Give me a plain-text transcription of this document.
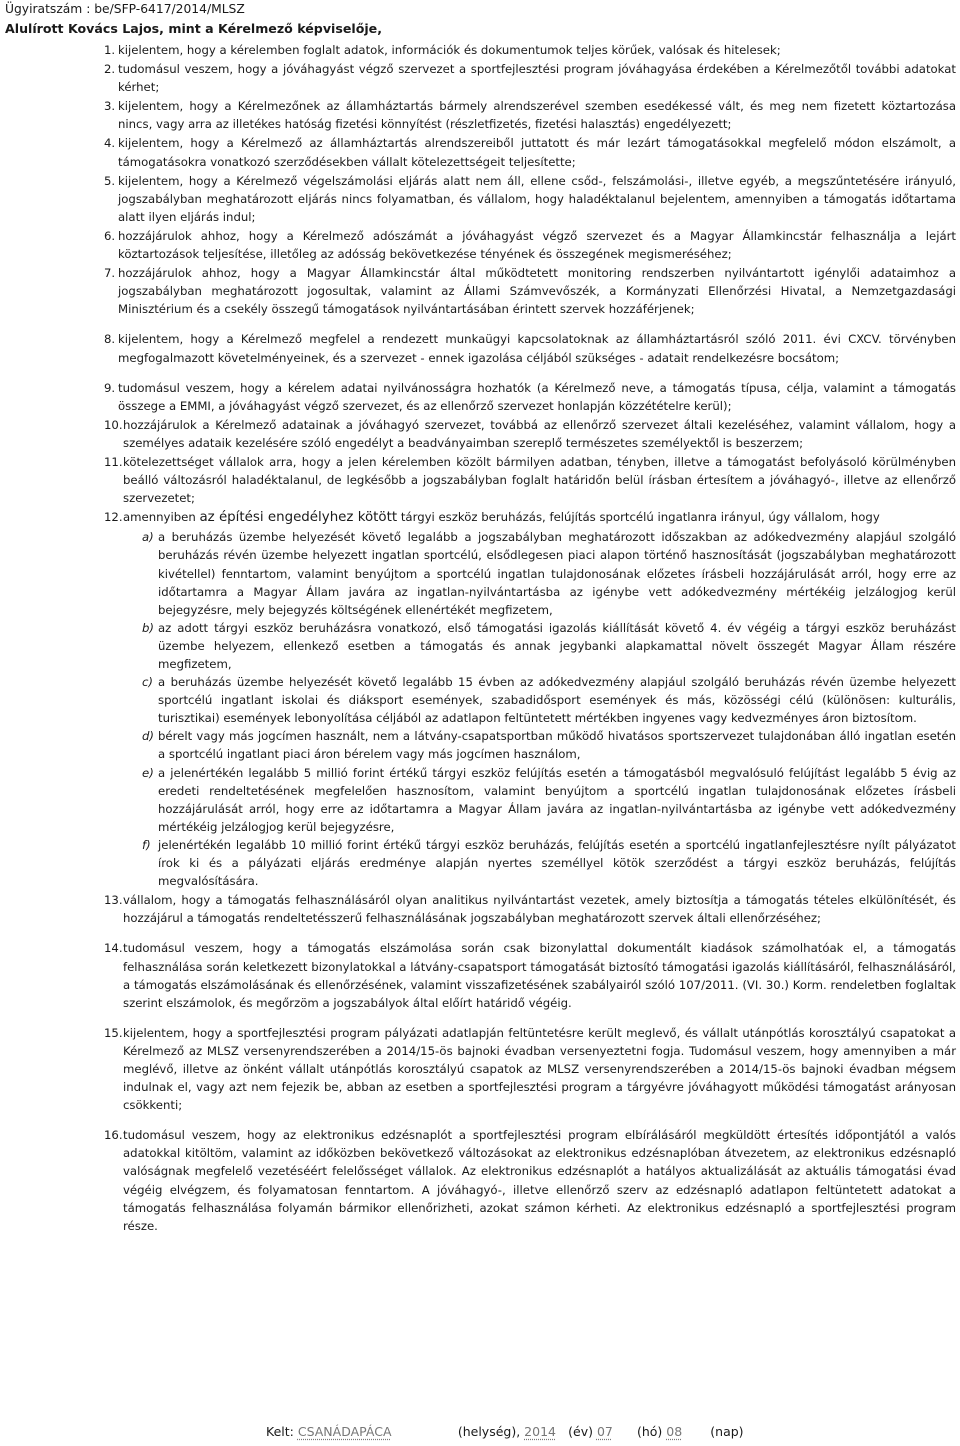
Ügyiratszám : be/SFP-6417/2014/MLSZ
Alulírott Kovács Lajos, mint a Kérelmező képviselője,
1. kijelentem, hogy a kérelemben foglalt adatok, információk és dokumentumok teljes körűek, valósak és hitelesek;
2. tudomásul veszem, hogy a jóváhagyást végző szervezet a sportfejlesztési program jóváhagyása érdekében a Kérelmezőtől további adatokat kérhet;
3. kijelentem, hogy a Kérelmezőnek az államháztartás bármely alrendszerével szemben esedékessé vált, és meg nem fizetett köztartozása nincs, vagy arra az illetékes hatóság fizetési könnyítést (részletfizetés, fizetési halasztás) engedélyezett;
4. kijelentem, hogy a Kérelmező az államháztartás alrendszereiből juttatott és már lezárt támogatásokkal megfelelő módon elszámolt, a támogatásokra vonatkozó szerződésekben vállalt kötelezettségeit teljesítette;
5. kijelentem, hogy a Kérelmező végelszámolási eljárás alatt nem áll, ellene csőd-, felszámolási-, illetve egyéb, a megszűntetésére irányuló, jogszabályban meghatározott eljárás nincs folyamatban, és vállalom, hogy haladéktalanul bejelentem, amennyiben a támogatás időtartama alatt ilyen eljárás indul;
6. hozzájárulok ahhoz, hogy a Kérelmező adószámát a jóváhagyást végző szervezet és a Magyar Államkincstár felhasználja a lejárt köztartozások teljesítése, illetőleg az adósság bekövetkezése tényének és összegének megismeréséhez;
7. hozzájárulok ahhoz, hogy a Magyar Államkincstár által működtetett monitoring rendszerben nyilvántartott igénylői adataimhoz a jogszabályban meghatározott jogosultak, valamint az Állami Számvevőszék, a Kormányzati Ellenőrzési Hivatal, a Nemzetgazdasági Minisztérium és a csekély összegű támogatások nyilvántartásában érintett szervek hozzáférjenek;
8. kijelentem, hogy a Kérelmező megfelel a rendezett munkaügyi kapcsolatoknak az államháztartásról szóló 2011. évi CXCV. törvényben megfogalmazott követelményeinek, és a szervezet - ennek igazolása céljából szükséges - adatait rendelkezésre bocsátom;
9. tudomásul veszem, hogy a kérelem adatai nyilvánosságra hozhatók (a Kérelmező neve, a támogatás típusa, célja, valamint a támogatás összege a EMMI, a jóváhagyást végző szervezet, és az ellenőrző szervezet honlapján közzétételre kerül);
10. hozzájárulok a Kérelmező adatainak a jóváhagyó szervezet, továbbá az ellenőrző szervezet általi kezeléséhez, valamint vállalom, hogy a személyes adataik kezelésére szóló engedélyt a beadványaimban szereplő természetes személyektől is beszerzem;
11. kötelezettséget vállalok arra, hogy a jelen kérelemben közölt bármilyen adatban, tényben, illetve a támogatást befolyásoló körülményben beálló változásról haladéktalanul, de legkésőbb a jogszabályban foglalt határidőn belül írásban értesítem a jóváhagyó-, illetve az ellenőrző szervezetet;
12. amennyiben az építési engedélyhez kötött tárgyi eszköz beruházás, felújítás sportcélú ingatlanra irányul, úgy vállalom, hogy
a) a beruházás üzembe helyezését követő legalább a jogszabályban meghatározott időszakban az adókedvezmény alapjául szolgáló beruházás révén üzembe helyezett ingatlan sportcélú, elsődlegesen piaci alapon történő hasznosítását (jogszabályban meghatározott kivétellel) fenntartom, valamint benyújtom a sportcélú ingatlan tulajdonosának előzetes írásbeli hozzájárulását arról, hogy erre az időtartamra a Magyar Állam javára az ingatlan-nyilvántartásba az igénybe vett adókedvezmény mértékéig jelzálogjog kerül bejegyzésre, mely bejegyzés költségének ellenértékét megfizetem,
b) az adott tárgyi eszköz beruházásra vonatkozó, első támogatási igazolás kiállítását követő 4. év végéig a tárgyi eszköz beruházást üzembe helyezem, ellenkező esetben a támogatás és annak jegybanki alapkamattal növelt összegét Magyar Állam részére megfizetem,
c) a beruházás üzembe helyezését követő legalább 15 évben az adókedvezmény alapjául szolgáló beruházás révén üzembe helyezett sportcélú ingatlant iskolai és diáksport események, szabadidősport események és más, közösségi célú (különösen: kulturális, turisztikai) események lebonyolítása céljából az adatlapon feltüntetett mértékben ingyenes vagy kedvezményes áron biztosítom.
d) bérelt vagy más jogcímen használt, nem a látvány-csapatsportban működő hivatásos sportszervezet tulajdonában álló ingatlan esetén a sportcélú ingatlant piaci áron bérelem vagy más jogcímen használom,
e) a jelenértékén legalább 5 millió forint értékű tárgyi eszköz felújítás esetén a támogatásból megvalósuló felújítást legalább 5 évig az eredeti rendeltetésének megfelelően hasznosítom, valamint benyújtom a sportcélú ingatlan tulajdonosának előzetes írásbeli hozzájárulását arról, hogy erre az időtartamra a Magyar Állam javára az ingatlan-nyilvántartásba az igénybe vett adókedvezmény mértékéig jelzálogjog kerül bejegyzésre,
f) jelenértékén legalább 10 millió forint értékű tárgyi eszköz beruházás, felújítás esetén a sportcélú ingatlanfejlesztésre nyílt pályázatot írok ki és a pályázati eljárás eredménye alapján nyertes személlyel kötök szerződést a tárgyi eszköz beruházás, felújítás megvalósítására.
13. vállalom, hogy a támogatás felhasználásáról olyan analitikus nyilvántartást vezetek, amely biztosítja a támogatás tételes elkülönítését, és hozzájárul a támogatás rendeltetésszerű felhasználásának jogszabályban meghatározott szervek általi ellenőrzéséhez;
14. tudomásul veszem, hogy a támogatás elszámolása során csak bizonylattal dokumentált kiadások számolhatóak el, a támogatás felhasználása során keletkezett bizonylatokkal a látvány-csapatsport támogatását biztosító támogatási igazolás kiállításáról, felhasználásáról, a támogatás elszámolásának és ellenőrzésének, valamint visszafizetésének szabályairól szóló 107/2011. (VI. 30.) Korm. rendeletben foglaltak szerint elszámolok, és megőrzöm a jogszabályok által előírt határidő végéig.
15. kijelentem, hogy a sportfejlesztési program pályázati adatlapján feltüntetésre került meglevő, és vállalt utánpótlás korosztályú csapatokat a Kérelmező az MLSZ versenyrendszerében a 2014/15-ös bajnoki évadban versenyeztetni fogja. Tudomásul veszem, hogy amennyiben a már meglévő, illetve az önként vállalt utánpótlás korosztályú csapatok az MLSZ versenyrendszerében a 2014/15-ös bajnoki évadban mégsem indulnak el, vagy azt nem fejezik be, abban az esetben a sportfejlesztési program a tárgyévre jóváhagyott működési támogatást arányosan csökkenti;
16. tudomásul veszem, hogy az elektronikus edzésnaplót a sportfejlesztési program elbírálásáról megküldött értesítés időpontjától a valós adatokkal kitöltöm, valamint az időközben bekövetkező változásokat az elektronikus edzésnaplóban átvezetem, az elektronikus edzésnapló valóságnak megfelelő vezetéséért felelősséget vállalok. Az elektronikus edzésnaplót a hatályos aktualizálását az aktuális támogatási évad végéig elvégzem, és folyamatosan fenntartom. A jóváhagyó-, illetve ellenőrző szerv az edzésnapló adatlapon feltüntetett adatokat a támogatás felhasználása folyamán bármikor ellenőrizheti, azokat számon kérheti. Az elektronikus edzésnapló a sportfejlesztési program része.
Kelt: CSANÁDAPÁCA	(helység), 2014 (év) 07 (hó) 08 (nap)
